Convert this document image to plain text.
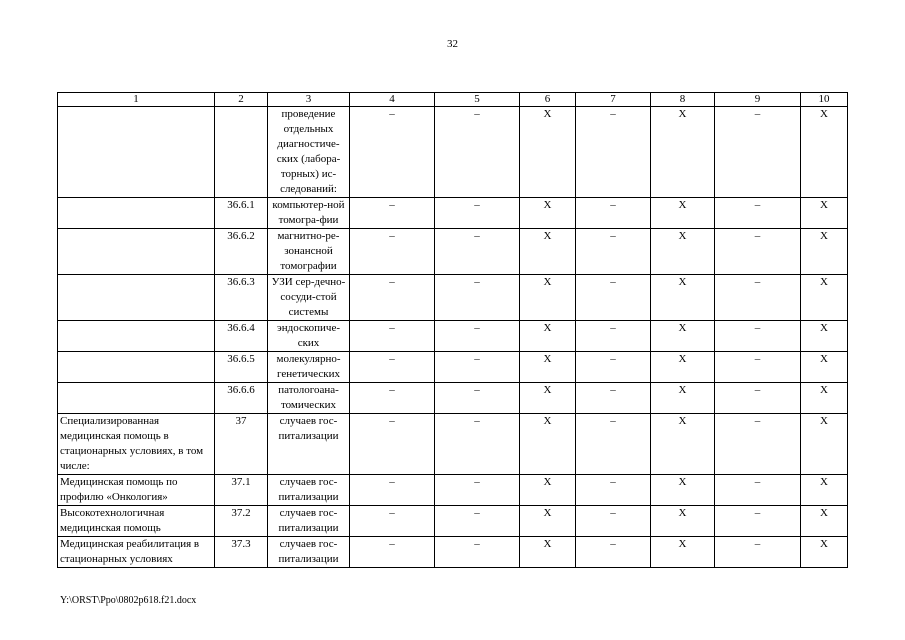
32
1	2	3	4	5	6	7	8	9	10
		проведение отдельных диагностиче-ских (лабора-торных) ис-следований:	–	–	Х	–	Х	–	Х
	36.6.1	компьютер-ной томогра-фии	–	–	Х	–	Х	–	Х
	36.6.2	магнитно-ре-зонансной томографии	–	–	Х	–	Х	–	Х
	36.6.3	УЗИ сер-дечно-сосуди-стой системы	–	–	Х	–	Х	–	Х
	36.6.4	эндоскопиче-ских	–	–	Х	–	Х	–	Х
	36.6.5	молекулярно-генетических	–	–	Х	–	Х	–	Х
	36.6.6	патологоана-томических	–	–	Х	–	Х	–	Х
Специализированная медицинская помощь в стационарных условиях, в том числе:	37	случаев гос-питализации	–	–	Х	–	Х	–	Х
Медицинская помощь по профилю «Онкология»	37.1	случаев гос-питализации	–	–	Х	–	Х	–	Х
Высокотехнологичная медицинская помощь	37.2	случаев гос-питализации	–	–	Х	–	Х	–	Х
Медицинская реабилитация в стационарных условиях	37.3	случаев гос-питализации	–	–	Х	–	Х	–	Х
Y:\ORST\Ppo\0802p618.f21.docx
